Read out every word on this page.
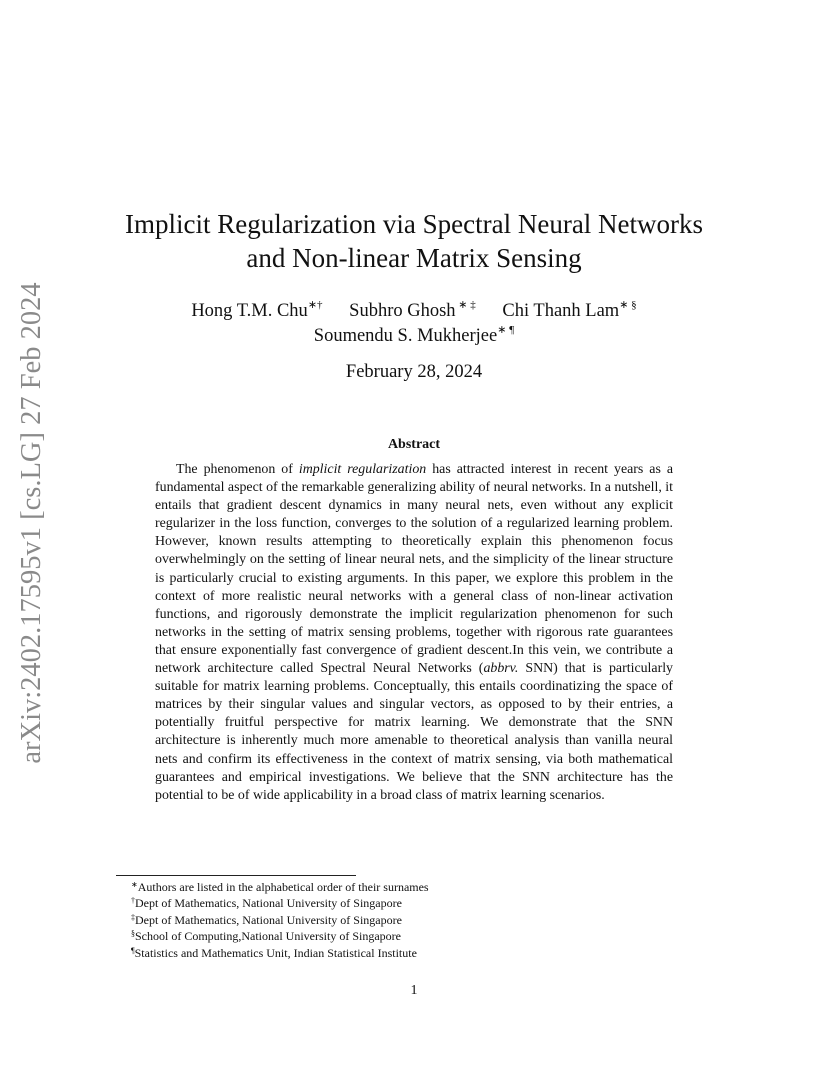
arXiv:2402.17595v1 [cs.LG] 27 Feb 2024
Implicit Regularization via Spectral Neural Networks
and Non-linear Matrix Sensing
Hong T.M. Chu∗† Subhro Ghosh ∗ ‡ Chi Thanh Lam∗ §
Soumendu S. Mukherjee∗ ¶
February 28, 2024
Abstract

The phenomenon of implicit regularization has attracted interest in recent years as a fundamental aspect of the remarkable generalizing ability of neural networks. In a nutshell, it entails that gradient descent dynamics in many neural nets, even without any explicit regularizer in the loss function, converges to the solution of a regularized learning problem. However, known results attempting to theoretically explain this phenomenon focus overwhelmingly on the setting of linear neural nets, and the simplicity of the linear structure is particularly crucial to existing arguments. In this paper, we explore this problem in the context of more realistic neural networks with a general class of non-linear activation functions, and rigorously demonstrate the implicit regularization phenomenon for such networks in the setting of matrix sensing problems, together with rigorous rate guarantees that ensure exponentially fast convergence of gradient descent.In this vein, we contribute a network architecture called Spectral Neural Networks (abbrv. SNN) that is particularly suitable for matrix learning problems. Conceptually, this entails coordinatizing the space of matrices by their singular values and singular vectors, as opposed to by their entries, a potentially fruitful perspective for matrix learning. We demonstrate that the SNN architecture is inherently much more amenable to theoretical analysis than vanilla neural nets and confirm its effectiveness in the context of matrix sensing, via both mathematical guarantees and empirical investigations. We believe that the SNN architecture has the potential to be of wide applicability in a broad class of matrix learning scenarios.

∗Authors are listed in the alphabetical order of their surnames
†Dept of Mathematics, National University of Singapore
‡Dept of Mathematics, National University of Singapore
§School of Computing,National University of Singapore
¶Statistics and Mathematics Unit, Indian Statistical Institute
1
